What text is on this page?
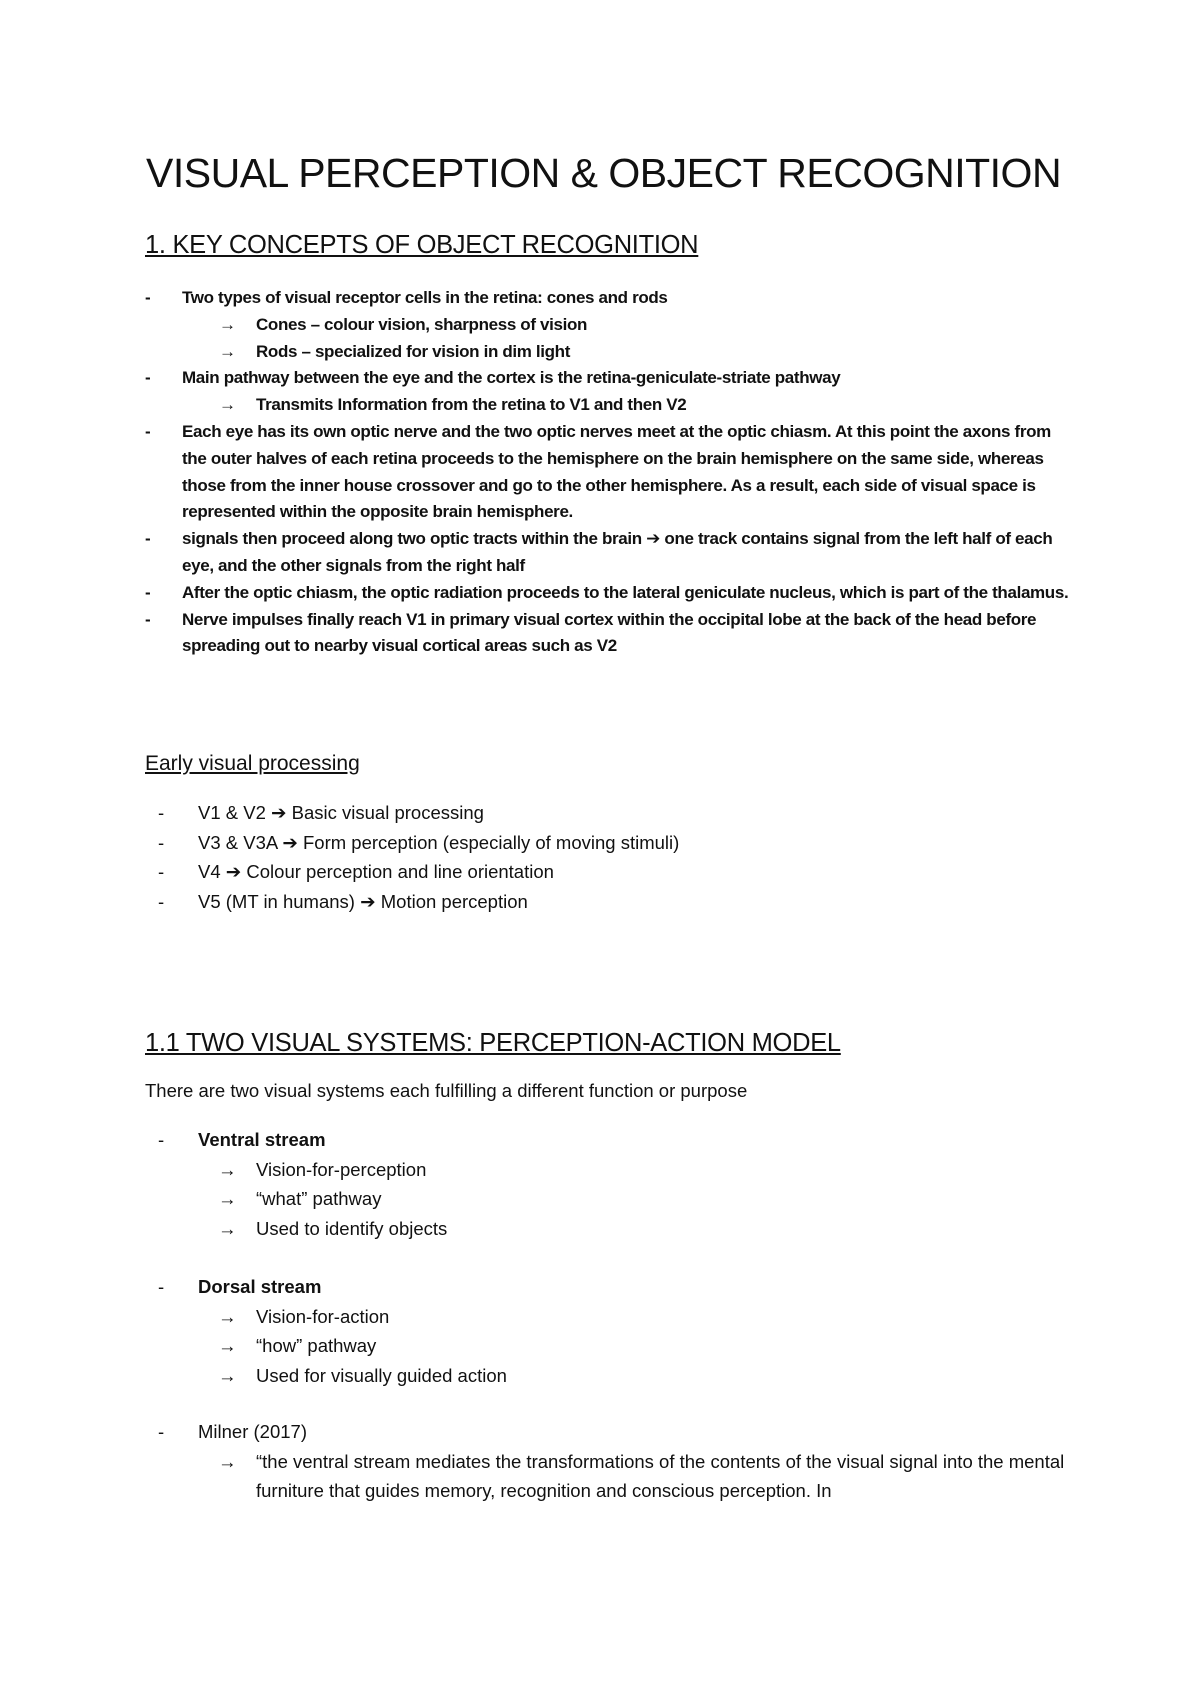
VISUAL PERCEPTION & OBJECT RECOGNITION
1. KEY CONCEPTS OF OBJECT RECOGNITION
- Two types of visual receptor cells in the retina: cones and rods
→ Cones – colour vision, sharpness of vision
→ Rods – specialized for vision in dim light
- Main pathway between the eye and the cortex is the retina-geniculate-striate pathway
→ Transmits Information from the retina to V1 and then V2
- Each eye has its own optic nerve and the two optic nerves meet at the optic chiasm. At this point the axons from the outer halves of each retina proceeds to the hemisphere on the brain hemisphere on the same side, whereas those from the inner house crossover and go to the other hemisphere. As a result, each side of visual space is represented within the opposite brain hemisphere.
- signals then proceed along two optic tracts within the brain ➔ one track contains signal from the left half of each eye, and the other signals from the right half
- After the optic chiasm, the optic radiation proceeds to the lateral geniculate nucleus, which is part of the thalamus.
- Nerve impulses finally reach V1 in primary visual cortex within the occipital lobe at the back of the head before spreading out to nearby visual cortical areas such as V2
Early visual processing
- V1 & V2 ➔ Basic visual processing
- V3 & V3A ➔ Form perception (especially of moving stimuli)
- V4 ➔ Colour perception and line orientation
- V5 (MT in humans) ➔ Motion perception
1.1 TWO VISUAL SYSTEMS: PERCEPTION-ACTION MODEL

There are two visual systems each fulfilling a different function or purpose

- Ventral stream
→ Vision-for-perception
→ “what” pathway
→ Used to identify objects
- Dorsal stream
→ Vision-for-action
→ “how” pathway
→ Used for visually guided action
- Milner (2017)
→ “the ventral stream mediates the transformations of the contents of the visual signal into the mental furniture that guides memory, recognition and conscious perception. In
